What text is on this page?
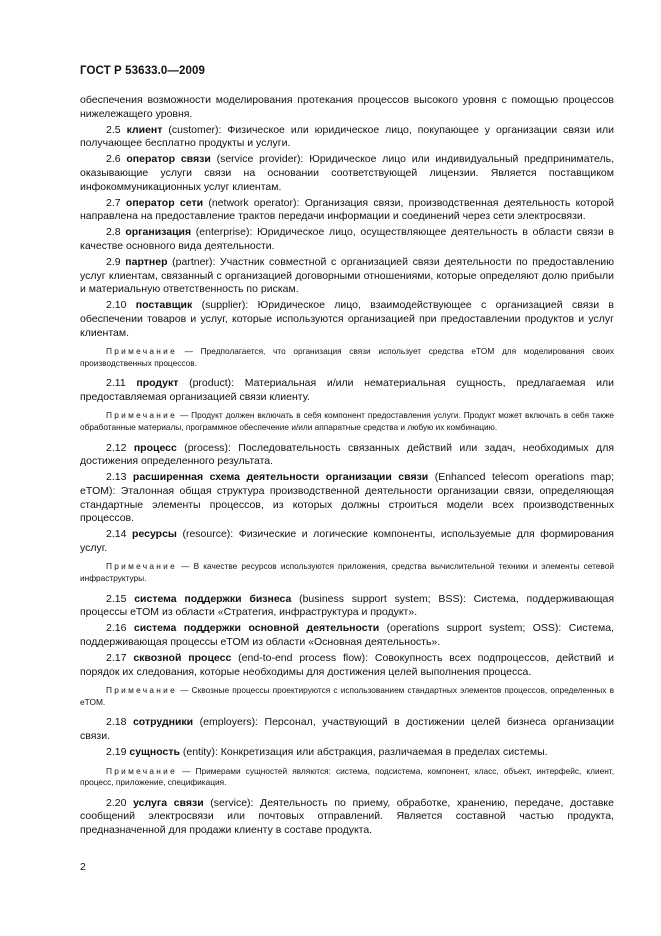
ГОСТ Р 53633.0—2009

обеспечения возможности моделирования протекания процессов высокого уровня с помощью процессов нижележащего уровня.

2.5 клиент (customer): Физическое или юридическое лицо, покупающее у организации связи или получающее бесплатно продукты и услуги.

2.6 оператор связи (service provider): Юридическое лицо или индивидуальный предприниматель, оказывающие услуги связи на основании соответствующей лицензии. Является поставщиком инфокоммуникационных услуг клиентам.

2.7 оператор сети (network operator): Организация связи, производственная деятельность которой направлена на предоставление трактов передачи информации и соединений через сети электросвязи.

2.8 организация (enterprise): Юридическое лицо, осуществляющее деятельность в области связи в качестве основного вида деятельности.

2.9 партнер (partner): Участник совместной с организацией связи деятельности по предоставлению услуг клиентам, связанный с организацией договорными отношениями, которые определяют долю прибыли и материальную ответственность по рискам.

2.10 поставщик (supplier): Юридическое лицо, взаимодействующее с организацией связи в обеспечении товаров и услуг, которые используются организацией при предоставлении продуктов и услуг клиентам.

Примечание — Предполагается, что организация связи использует средства eTOM для моделирования своих производственных процессов.

2.11 продукт (product): Материальная и/или нематериальная сущность, предлагаемая или предоставляемая организацией связи клиенту.

Примечание — Продукт должен включать в себя компонент предоставления услуги. Продукт может включать в себя также обработанные материалы, программное обеспечение и/или аппаратные средства и любую их комбинацию.

2.12 процесс (process): Последовательность связанных действий или задач, необходимых для достижения определенного результата.

2.13 расширенная схема деятельности организации связи (Enhanced telecom operations map; eTOM): Эталонная общая структура производственной деятельности организации связи, определяющая стандартные элементы процессов, из которых должны строиться модели всех производственных процессов.

2.14 ресурсы (resource): Физические и логические компоненты, используемые для формирования услуг.

Примечание — В качестве ресурсов используются приложения, средства вычислительной техники и элементы сетевой инфраструктуры.

2.15 система поддержки бизнеса (business support system; BSS): Система, поддерживающая процессы eTOM из области «Стратегия, инфраструктура и продукт».

2.16 система поддержки основной деятельности (operations support system; OSS): Система, поддерживающая процессы eTOM из области «Основная деятельность».

2.17 сквозной процесс (end-to-end process flow): Совокупность всех подпроцессов, действий и порядок их следования, которые необходимы для достижения целей выполнения процесса.

Примечание — Сквозные процессы проектируются с использованием стандартных элементов процессов, определенных в eTOM.

2.18 сотрудники (employers): Персонал, участвующий в достижении целей бизнеса организации связи.

2.19 сущность (entity): Конкретизация или абстракция, различаемая в пределах системы.

Примечание — Примерами сущностей являются: система, подсистема, компонент, класс, объект, интерфейс, клиент, процесс, приложение, спецификация.

2.20 услуга связи (service): Деятельность по приему, обработке, хранению, передаче, доставке сообщений электросвязи или почтовых отправлений. Является составной частью продукта, предназначенной для продажи клиенту в составе продукта.

2
